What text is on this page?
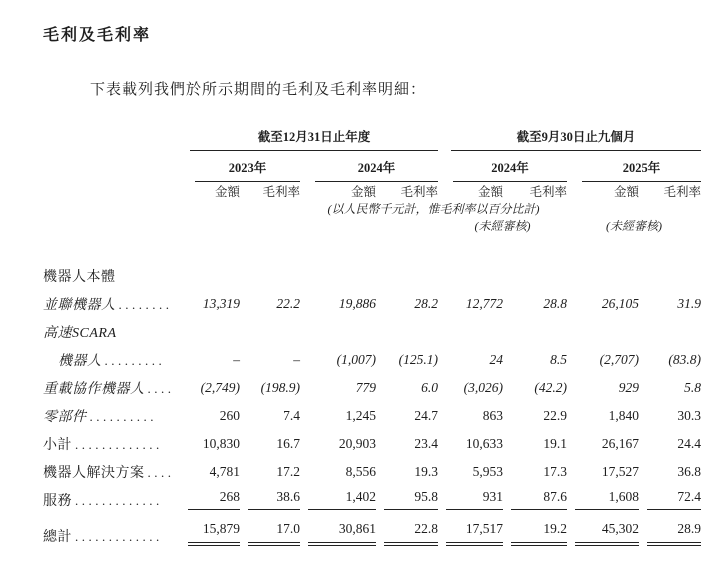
毛利及毛利率

下表載列我們於所示期間的毛利及毛利率明細：

	截至12月31日止年度				截至9月30日止九個月			

	2023年		2024年		2024年		2025年	

	金額	毛利率	金額	毛利率	金額	毛利率	金額	毛利率
			(以人民幣千元計，惟毛利率以百分比計)					
					(未經審核)		(未經審核)	
機器人本體	

並聯機器人 ........	13,319	22.2	19,886	28.2	12,772	28.8	26,105	31.9

高速SCARA	

機器人 .........	–	–	(1,007)	(125.1)	24	8.5	(2,707)	(83.8)

重載協作機器人 ....	(2,749)	(198.9)	779	6.0	(3,026)	(42.2)	929	5.8

零部件 ..........	260	7.4	1,245	24.7	863	22.9	1,840	30.3

小計 .............	10,830	16.7	20,903	23.4	10,633	19.1	26,167	24.4

機器人解決方案 ....	4,781	17.2	8,556	19.3	5,953	17.3	17,527	36.8

服務 .............	268	38.6	1,402	95.8	931	87.6	1,608	72.4

總計 .............	15,879	17.0	30,861	22.8	17,517	19.2	45,302	28.9
